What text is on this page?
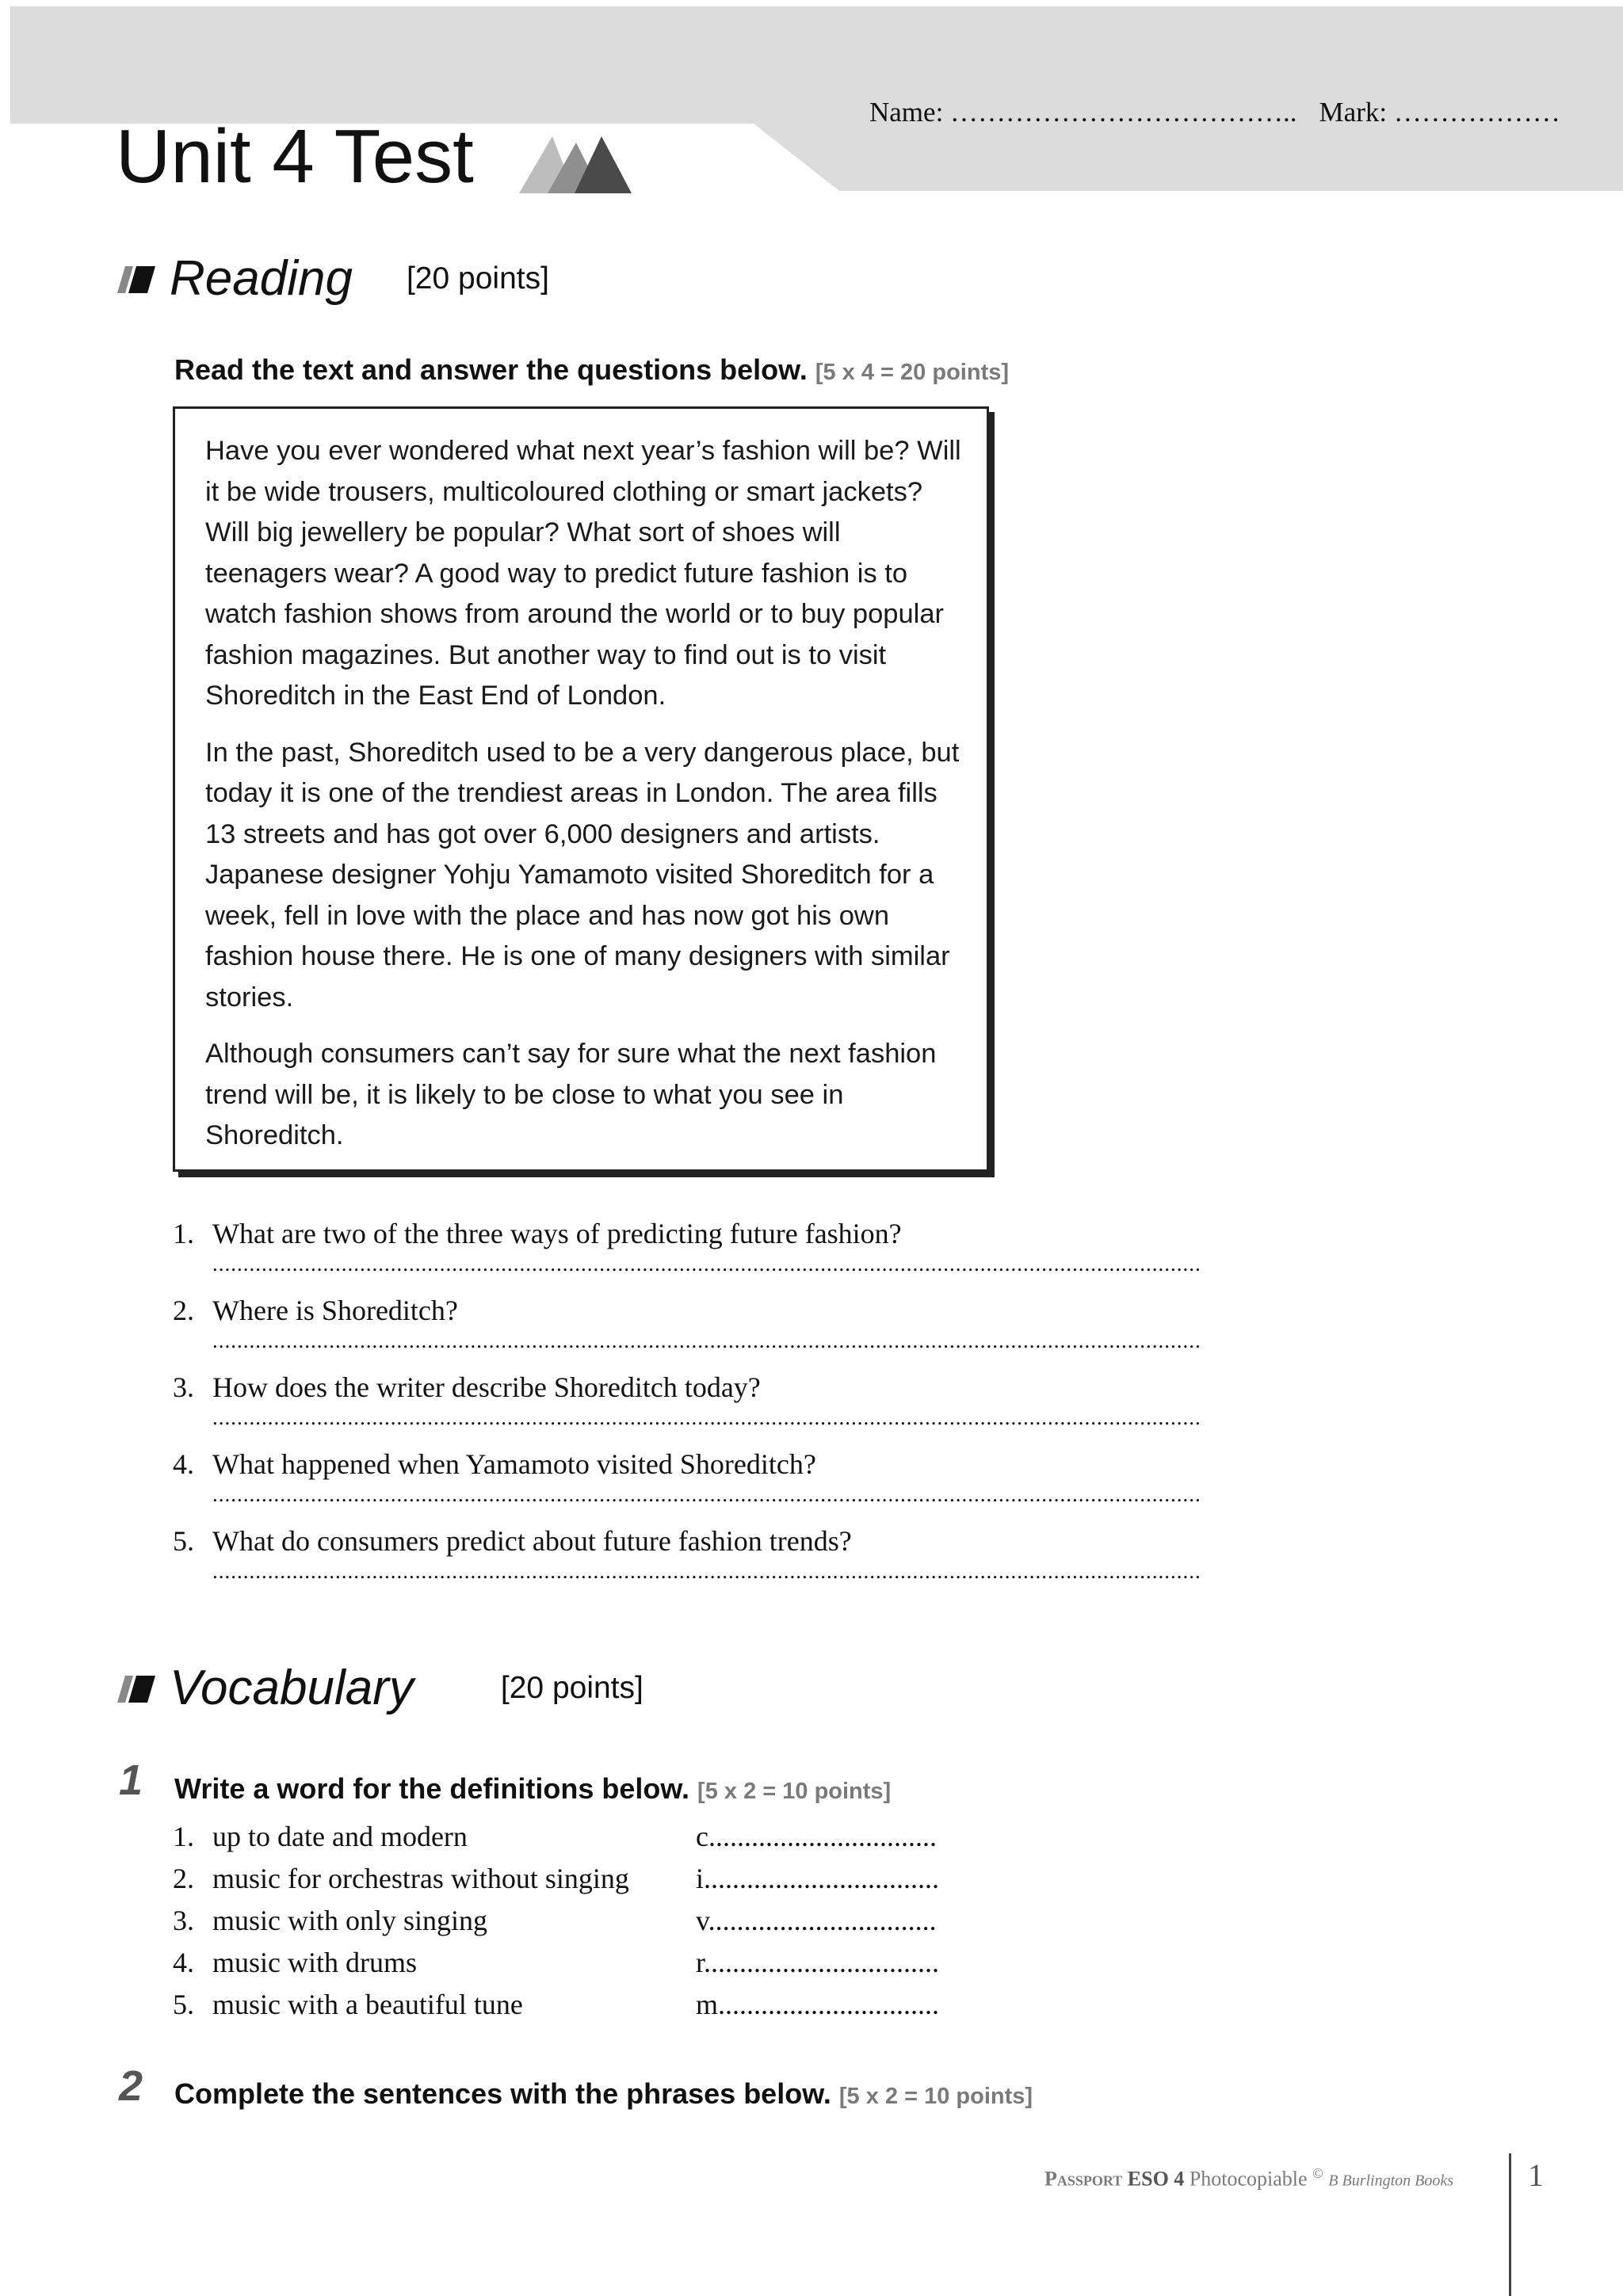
Name: ……………………………….. Mark: ………………
Unit 4 Test
Reading [20 points]
Read the text and answer the questions below. [5 x 4 = 20 points]

Have you ever wondered what next year’s fashion will be? Will it be wide trousers, multicoloured clothing or smart jackets? Will big jewellery be popular? What sort of shoes will teenagers wear? A good way to predict future fashion is to watch fashion shows from around the world or to buy popular fashion magazines. But another way to find out is to visit Shoreditch in the East End of London.

In the past, Shoreditch used to be a very dangerous place, but today it is one of the trendiest areas in London. The area fills 13 streets and has got over 6,000 designers and artists. Japanese designer Yohju Yamamoto visited Shoreditch for a week, fell in love with the place and has now got his own fashion house there. He is one of many designers with similar stories.

Although consumers can’t say for sure what the next fashion trend will be, it is likely to be close to what you see in Shoreditch.

1. What are two of the three ways of predicting future fashion?
.................................................................................................................................................................
2. Where is Shoreditch?
.................................................................................................................................................................
3. How does the writer describe Shoreditch today?
.................................................................................................................................................................
4. What happened when Yamamoto visited Shoreditch?
.................................................................................................................................................................
5. What do consumers predict about future fashion trends?
.................................................................................................................................................................
Vocabulary	[20 points]
1 Write a word for the definitions below. [5 x 2 = 10 points]
1. up to date and modern	c................................
2. music for orchestras without singing i.................................
3. music with only singing	v................................
4. music with drums	r.................................
5. music with a beautiful tune	m...............................
2 Complete the sentences with the phrases below. [5 x 2 = 10 points]
Passport ESO 4 Photocopiable © B Burlington Books 1
